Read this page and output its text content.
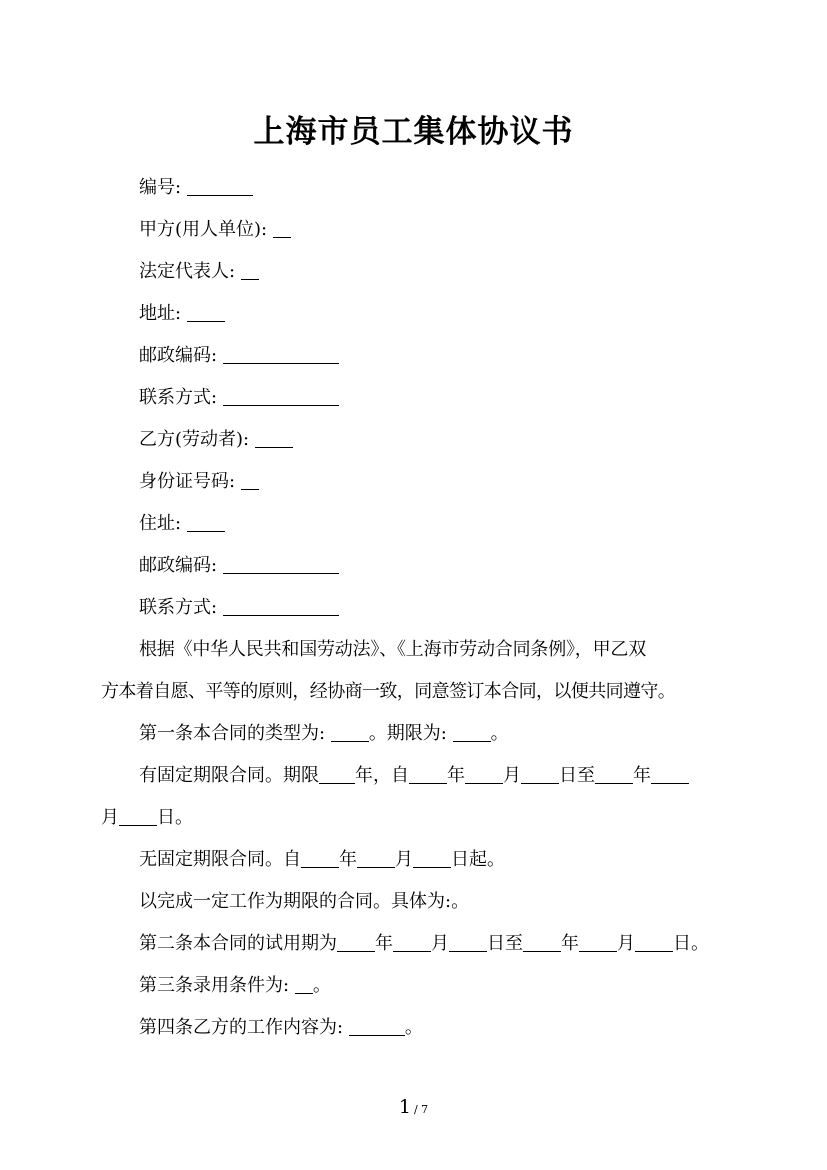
上海市员工集体协议书
编号:
甲方(用人单位):
法定代表人:
地址:
邮政编码:
联系方式:
乙方(劳动者):
身份证号码:
住址:
邮政编码:
联系方式:
根据《中华人民共和国劳动法》、《上海市劳动合同条例》，甲乙双
方本着自愿、平等的原则，经协商一致，同意签订本合同，以便共同遵守。
第一条本合同的类型为: 。期限为: 。
有固定期限合同。期限 年，自 年 月 日至 年
月 日。
无固定期限合同。自 年 月 日起。
以完成一定工作为期限的合同。具体为:。
第二条本合同的试用期为 年 月 日至 年 月 日。
第三条录用条件为: 。
第四条乙方的工作内容为:	。
1 / 7
